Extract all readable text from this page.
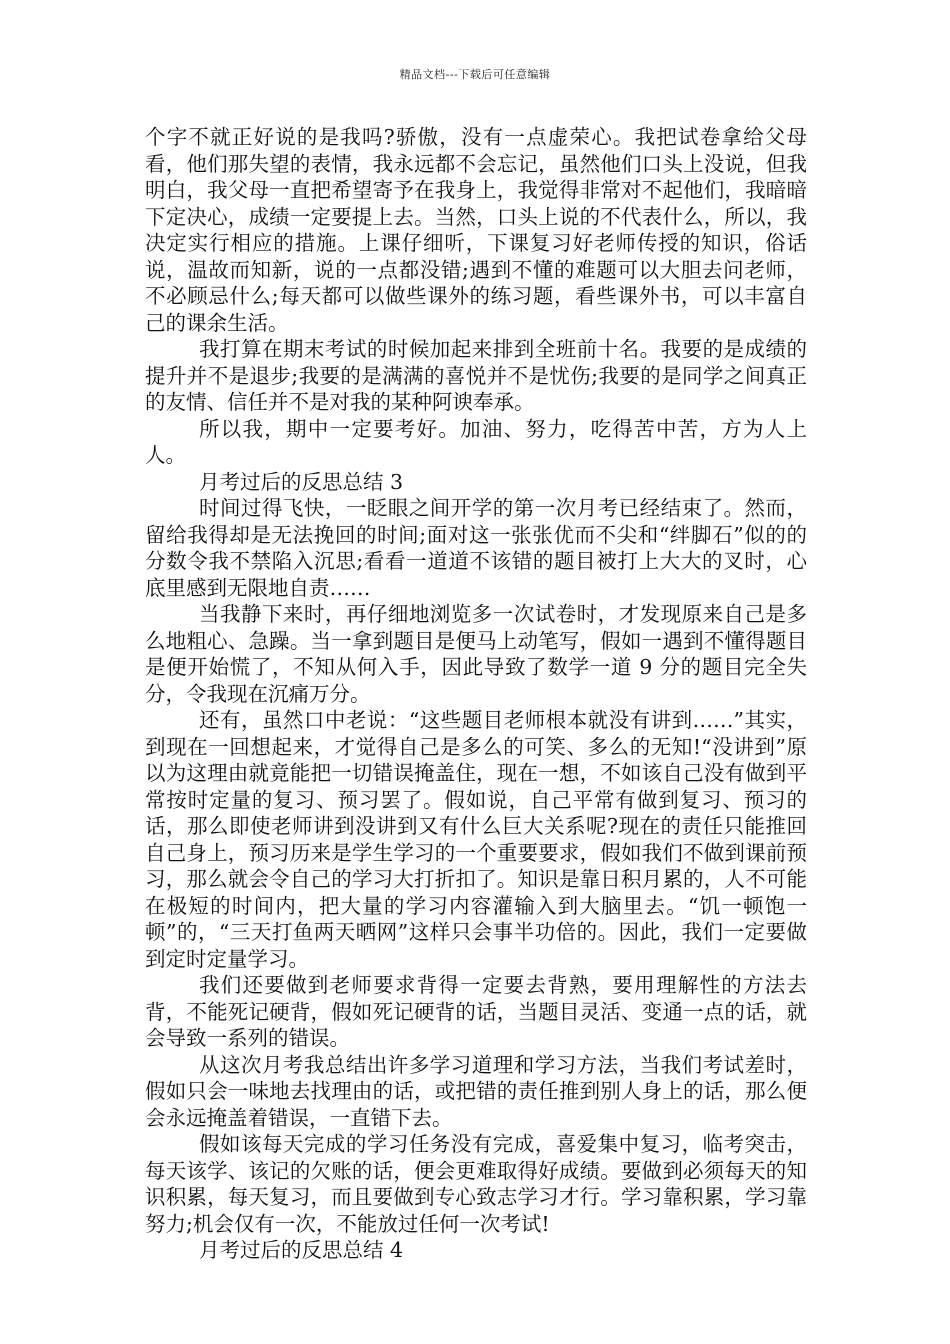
精品文档---下载后可任意编辑

个字不就正好说的是我吗?骄傲，没有一点虚荣心。我把试卷拿给父母看，他们那失望的表情，我永远都不会忘记，虽然他们口头上没说，但我明白，我父母一直把希望寄予在我身上，我觉得非常对不起他们，我暗暗下定决心，成绩一定要提上去。当然，口头上说的不代表什么，所以，我决定实行相应的措施。上课仔细听，下课复习好老师传授的知识，俗话说，温故而知新，说的一点都没错;遇到不懂的难题可以大胆去问老师，不必顾忌什么;每天都可以做些课外的练习题，看些课外书，可以丰富自己的课余生活。

我打算在期末考试的时候加起来排到全班前十名。我要的是成绩的提升并不是退步;我要的是满满的喜悦并不是忧伤;我要的是同学之间真正的友情、信任并不是对我的某种阿谀奉承。

所以我，期中一定要考好。加油、努力，吃得苦中苦，方为人上人。

月考过后的反思总结 3

时间过得飞快，一眨眼之间开学的第一次月考已经结束了。然而，留给我得却是无法挽回的时间;面对这一张张优而不尖和“绊脚石”似的的分数令我不禁陷入沉思;看看一道道不该错的题目被打上大大的叉时，心底里感到无限地自责……

当我静下来时，再仔细地浏览多一次试卷时，才发现原来自己是多么地粗心、急躁。当一拿到题目是便马上动笔写，假如一遇到不懂得题目是便开始慌了，不知从何入手，因此导致了数学一道 9 分的题目完全失分，令我现在沉痛万分。

还有，虽然口中老说：“这些题目老师根本就没有讲到……”其实，到现在一回想起来，才觉得自己是多么的可笑、多么的无知!“没讲到”原以为这理由就竟能把一切错误掩盖住，现在一想，不如该自己没有做到平常按时定量的复习、预习罢了。假如说，自己平常有做到复习、预习的话，那么即使老师讲到没讲到又有什么巨大关系呢?现在的责任只能推回自己身上，预习历来是学生学习的一个重要要求，假如我们不做到课前预习，那么就会令自己的学习大打折扣了。知识是靠日积月累的，人不可能在极短的时间内，把大量的学习内容灌输入到大脑里去。“饥一顿饱一顿”的，“三天打鱼两天晒网”这样只会事半功倍的。因此，我们一定要做到定时定量学习。

我们还要做到老师要求背得一定要去背熟，要用理解性的方法去背，不能死记硬背，假如死记硬背的话，当题目灵活、变通一点的话，就会导致一系列的错误。

从这次月考我总结出许多学习道理和学习方法，当我们考试差时，假如只会一味地去找理由的话，或把错的责任推到别人身上的话，那么便会永远掩盖着错误，一直错下去。

假如该每天完成的学习任务没有完成，喜爱集中复习，临考突击，每天该学、该记的欠账的话，便会更难取得好成绩。要做到必须每天的知识积累，每天复习，而且要做到专心致志学习才行。学习靠积累，学习靠努力;机会仅有一次，不能放过任何一次考试!

月考过后的反思总结 4
